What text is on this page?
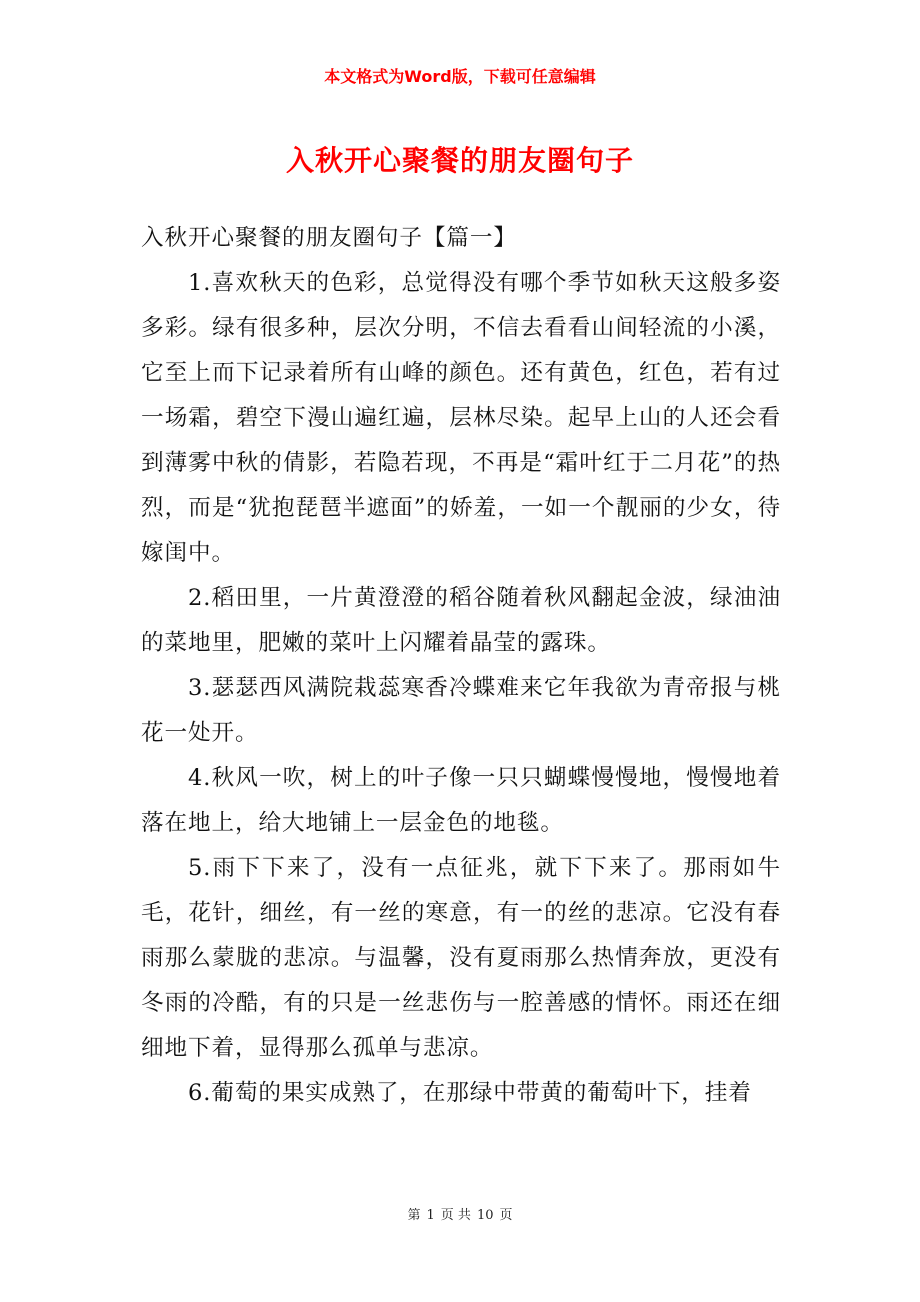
本文格式为Word版，下载可任意编辑
入秋开心聚餐的朋友圈句子

入秋开心聚餐的朋友圈句子【篇一】

1.喜欢秋天的色彩，总觉得没有哪个季节如秋天这般多姿多彩。绿有很多种，层次分明，不信去看看山间轻流的小溪，它至上而下记录着所有山峰的颜色。还有黄色，红色，若有过一场霜，碧空下漫山遍红遍，层林尽染。起早上山的人还会看到薄雾中秋的倩影，若隐若现，不再是“霜叶红于二月花”的热烈，而是“犹抱琵琶半遮面”的娇羞，一如一个靓丽的少女，待嫁闺中。

2.稻田里，一片黄澄澄的稻谷随着秋风翻起金波，绿油油的菜地里，肥嫩的菜叶上闪耀着晶莹的露珠。

3.瑟瑟西风满院栽蕊寒香冷蝶难来它年我欲为青帝报与桃花一处开。

4.秋风一吹，树上的叶子像一只只蝴蝶慢慢地，慢慢地着落在地上，给大地铺上一层金色的地毯。

5.雨下下来了，没有一点征兆，就下下来了。那雨如牛毛，花针，细丝，有一丝的寒意，有一的丝的悲凉。它没有春雨那么蒙胧的悲凉。与温馨，没有夏雨那么热情奔放，更没有冬雨的冷酷，有的只是一丝悲伤与一腔善感的情怀。雨还在细细地下着，显得那么孤单与悲凉。

6.葡萄的果实成熟了，在那绿中带黄的葡萄叶下，挂着

第 1 页 共 10 页
